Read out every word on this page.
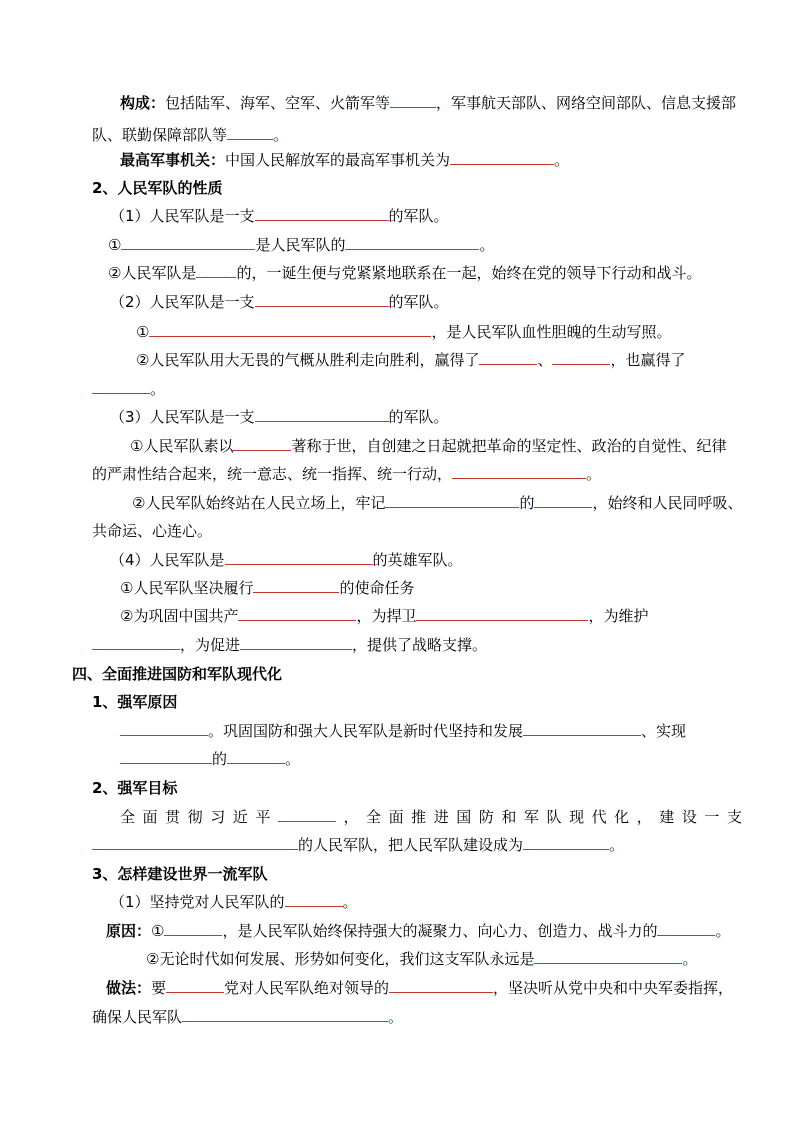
构成：包括陆军、海军、空军、火箭军等	，军事航天部队、网络空间部队、信息支援部
队、联勤保障部队等	。
最高军事机关：中国人民解放军的最高军事机关为	。
2、人民军队的性质
（1）人民军队是一支	的军队。
①	是人民军队的	。
②人民军队是	的，一诞生便与党紧紧地联系在一起，始终在党的领导下行动和战斗。
（2）人民军队是一支	的军队。
①	，是人民军队血性胆魄的生动写照。
②人民军队用大无畏的气概从胜利走向胜利，赢得了	、	，也赢得了
。
（3）人民军队是一支	的军队。
①人民军队素以	著称于世，自创建之日起就把革命的坚定性、政治的自觉性、纪律
的严肃性结合起来，统一意志、统一指挥、统一行动，	。
②人民军队始终站在人民立场上，牢记	的	，始终和人民同呼吸、
共命运、心连心。
（4）人民军队是	的英雄军队。
①人民军队坚决履行	的使命任务
②为巩固中国共产	，为捍卫	，为维护
，为促进	，提供了战略支撑。
四、全面推进国防和军队现代化
1、强军原因
。巩固国防和强大人民军队是新时代坚持和发展	、实现
的	。
2、强军目标
全面贯彻习近平	，全面推进国防和军队现代化，建设一支
的人民军队，把人民军队建设成为	。
3、怎样建设世界一流军队
（1）坚持党对人民军队的	。
原因：①	，是人民军队始终保持强大的凝聚力、向心力、创造力、战斗力的	。
②无论时代如何发展、形势如何变化，我们这支军队永远是	。
做法：要	党对人民军队绝对领导的	，坚决听从党中央和中央军委指挥，
确保人民军队	。
